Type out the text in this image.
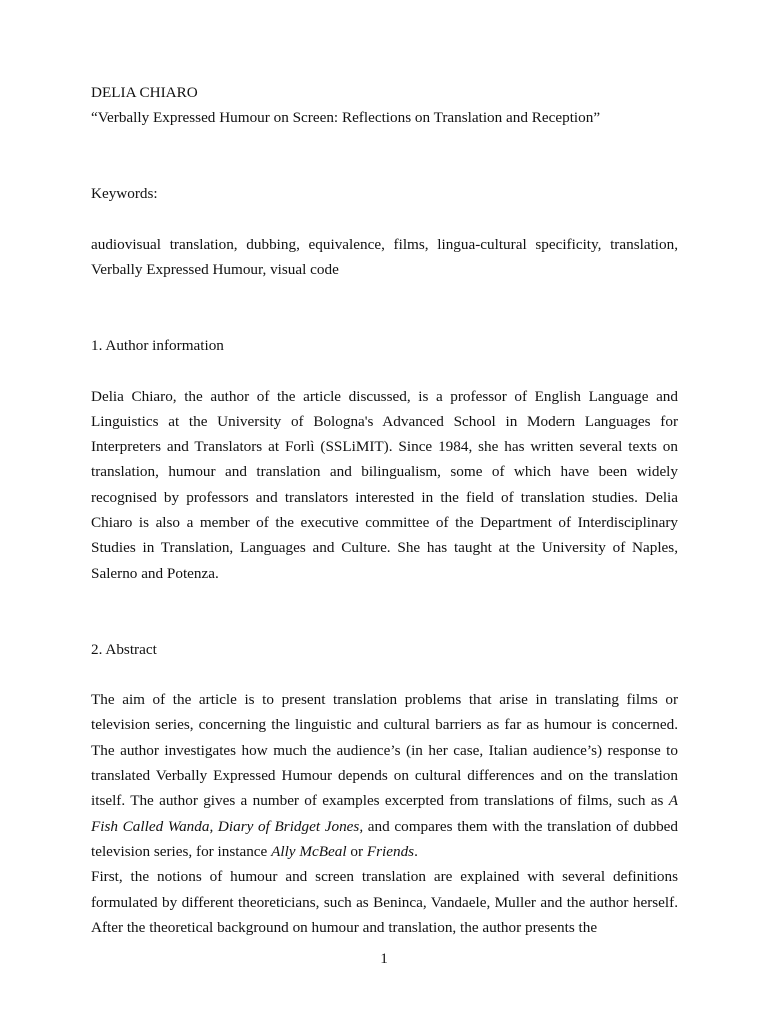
DELIA CHIARO

“Verbally Expressed Humour on Screen: Reflections on Translation and Reception”

Keywords:

audiovisual translation, dubbing, equivalence, films, lingua-cultural specificity, translation, Verbally Expressed Humour, visual code

1. Author information

Delia Chiaro, the author of the article discussed, is a professor of English Language and Linguistics at the University of Bologna's Advanced School in Modern Languages for Interpreters and Translators at Forlì (SSLiMIT). Since 1984, she has written several texts on translation, humour and translation and bilingualism, some of which have been widely recognised by professors and translators interested in the field of translation studies. Delia Chiaro is also a member of the executive committee of the Department of Interdisciplinary Studies in Translation, Languages and Culture. She has taught at the University of Naples, Salerno and Potenza.

2. Abstract

The aim of the article is to present translation problems that arise in translating films or television series, concerning the linguistic and cultural barriers as far as humour is concerned. The author investigates how much the audience’s (in her case, Italian audience’s) response to translated Verbally Expressed Humour depends on cultural differences and on the translation itself. The author gives a number of examples excerpted from translations of films, such as A Fish Called Wanda, Diary of Bridget Jones, and compares them with the translation of dubbed television series, for instance Ally McBeal or Friends.

First, the notions of humour and screen translation are explained with several definitions formulated by different theoreticians, such as Beninca, Vandaele, Muller and the author herself. After the theoretical background on humour and translation, the author presents the

1
